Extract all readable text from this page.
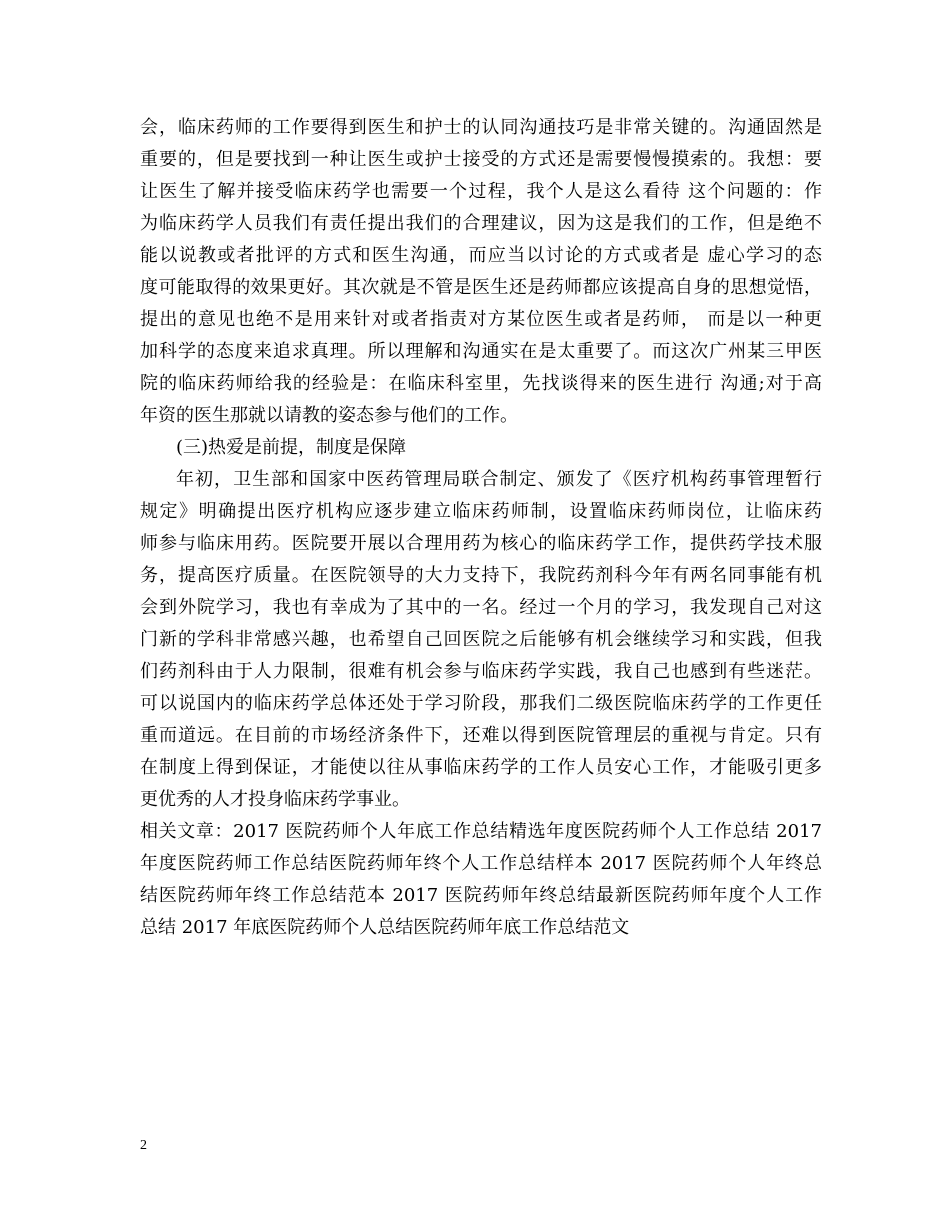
会，临床药师的工作要得到医生和护士的认同沟通技巧是非常关键的。沟通固然是
重要的，但是要找到一种让医生或护士接受的方式还是需要慢慢摸索的。我想：要
让医生了解并接受临床药学也需要一个过程，我个人是这么看待 这个问题的：作
为临床药学人员我们有责任提出我们的合理建议，因为这是我们的工作，但是绝不
能以说教或者批评的方式和医生沟通，而应当以讨论的方式或者是 虚心学习的态
度可能取得的效果更好。其次就是不管是医生还是药师都应该提高自身的思想觉悟，
提出的意见也绝不是用来针对或者指责对方某位医生或者是药师， 而是以一种更
加科学的态度来追求真理。所以理解和沟通实在是太重要了。而这次广州某三甲医
院的临床药师给我的经验是：在临床科室里，先找谈得来的医生进行 沟通;对于高
年资的医生那就以请教的姿态参与他们的工作。
(三)热爱是前提，制度是保障
年初，卫生部和国家中医药管理局联合制定、颁发了《医疗机构药事管理暂行
规定》明确提出医疗机构应逐步建立临床药师制，设置临床药师岗位，让临床药
师参与临床用药。医院要开展以合理用药为核心的临床药学工作，提供药学技术服
务，提高医疗质量。在医院领导的大力支持下，我院药剂科今年有两名同事能有机
会到外院学习，我也有幸成为了其中的一名。经过一个月的学习，我发现自己对这
门新的学科非常感兴趣，也希望自己回医院之后能够有机会继续学习和实践，但我
们药剂科由于人力限制，很难有机会参与临床药学实践，我自己也感到有些迷茫。
可以说国内的临床药学总体还处于学习阶段，那我们二级医院临床药学的工作更任
重而道远。在目前的市场经济条件下，还难以得到医院管理层的重视与肯定。只有
在制度上得到保证，才能使以往从事临床药学的工作人员安心工作，才能吸引更多
更优秀的人才投身临床药学事业。
相关文章：2017 医院药师个人年底工作总结精选年度医院药师个人工作总结 2017
年度医院药师工作总结医院药师年终个人工作总结样本 2017 医院药师个人年终总
结医院药师年终工作总结范本 2017 医院药师年终总结最新医院药师年度个人工作
总结 2017 年底医院药师个人总结医院药师年底工作总结范文
2
